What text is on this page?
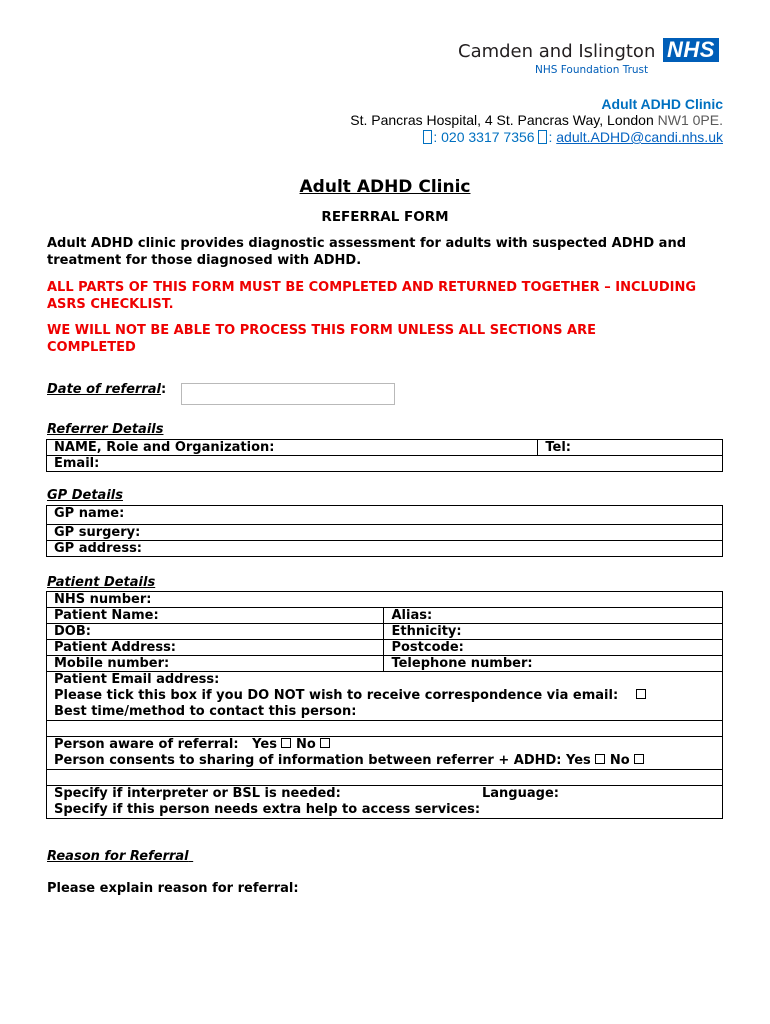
Camden and Islington NHS
NHS Foundation Trust
Adult ADHD Clinic
St. Pancras Hospital, 4 St. Pancras Way, London NW1 0PE.
: 020 3317 7356 : adult.ADHD@candi.nhs.uk
Adult ADHD Clinic
REFERRAL FORM
Adult ADHD clinic provides diagnostic assessment for adults with suspected ADHD and treatment for those diagnosed with ADHD.
ALL PARTS OF THIS FORM MUST BE COMPLETED AND RETURNED TOGETHER – INCLUDING ASRS CHECKLIST.
WE WILL NOT BE ABLE TO PROCESS THIS FORM UNLESS ALL SECTIONS ARE COMPLETED
Date of referral:
Referrer Details
NAME, Role and Organization:	Tel:
Email:
GP Details
GP name:
GP surgery:
GP address:
Patient Details
NHS number:	
Patient Name:	Alias:
DOB:	Ethnicity:
Patient Address:	Postcode:
Mobile number:	Telephone number:

Patient Email address:
Please tick this box if you DO NOT wish to receive correspondence via email:
Best time/method to contact this person:	

Person aware of referral: Yes No
Person consents to sharing of information between referrer + ADHD: Yes No	

Specify if interpreter or BSL is needed: Language:
Specify if this person needs extra help to access services:	
Reason for Referral
Please explain reason for referral:
